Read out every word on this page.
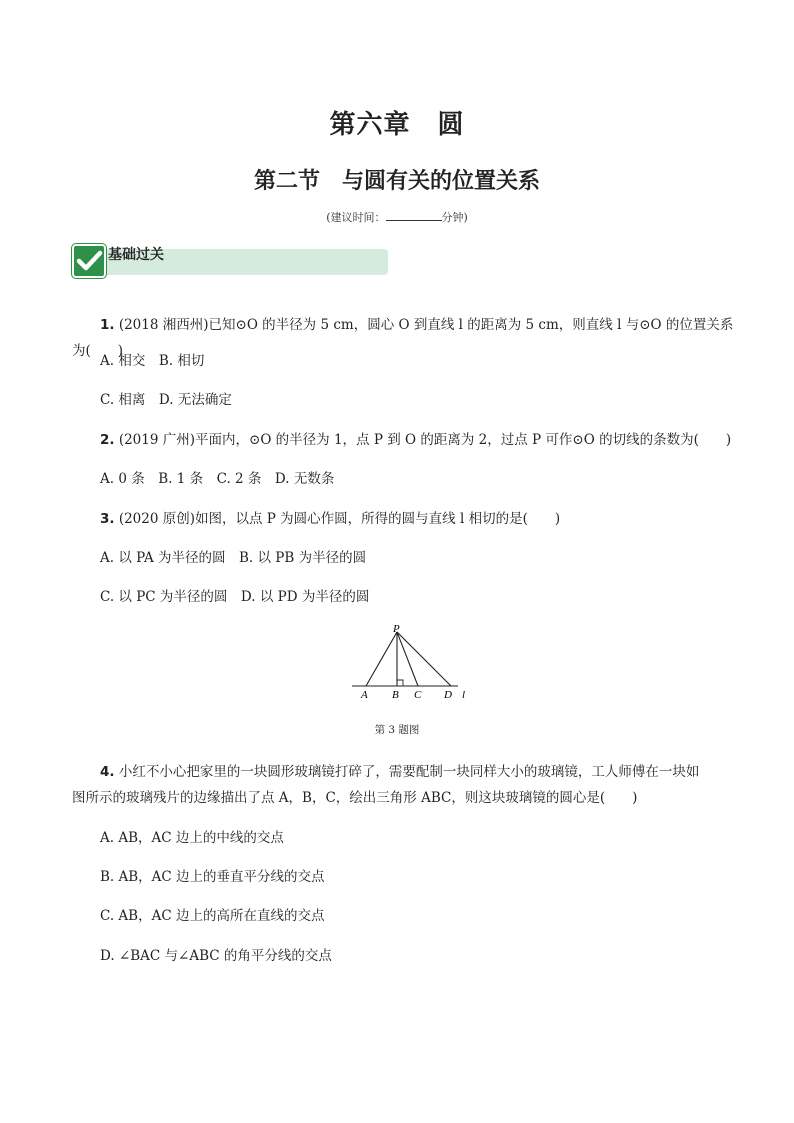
第六章　圆
第二节　与圆有关的位置关系
(建议时间：	分钟)
基础过关
1. (2018 湘西州)已知⊙O 的半径为 5 cm，圆心 O 到直线 l 的距离为 5 cm，则直线 l 与⊙O 的位置关系
为(　　)
A. 相交　B. 相切
C. 相离　D. 无法确定
2. (2019 广州)平面内，⊙O 的半径为 1，点 P 到 O 的距离为 2，过点 P 可作⊙O 的切线的条数为(　　)
A. 0 条　B. 1 条　C. 2 条　D. 无数条
3. (2020 原创)如图，以点 P 为圆心作圆，所得的圆与直线 l 相切的是(　　)
A. 以 PA 为半径的圆　B. 以 PB 为半径的圆
C. 以 PC 为半径的圆　D. 以 PD 为半径的圆
P
A B C D l
第 3 题图
4. 小红不小心把家里的一块圆形玻璃镜打碎了，需要配制一块同样大小的玻璃镜，工人师傅在一块如
图所示的玻璃残片的边缘描出了点 A，B，C，绘出三角形 ABC，则这块玻璃镜的圆心是(　　)
A. AB，AC 边上的中线的交点
B. AB，AC 边上的垂直平分线的交点
C. AB，AC 边上的高所在直线的交点
D. ∠BAC 与∠ABC 的角平分线的交点
